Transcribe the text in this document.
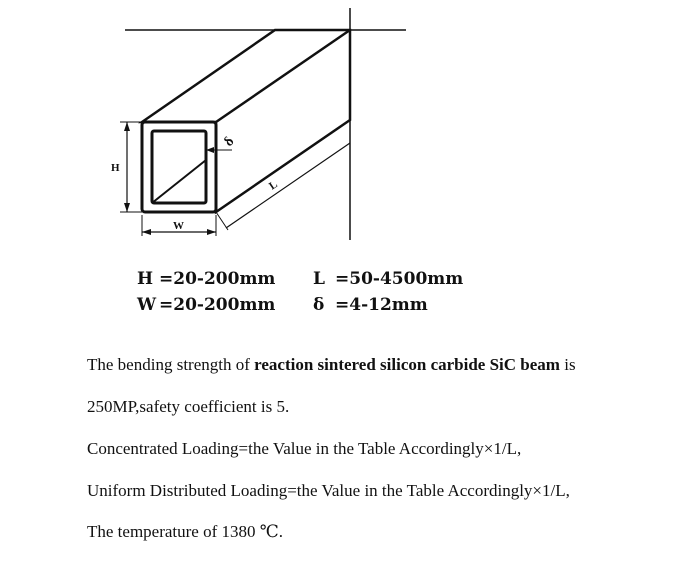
H
W
L
δ
H =20-200mm	L =50-4500mm
W =20-200mm	δ =4-12mm
The bending strength of reaction sintered silicon carbide SiC beam is
250MP,safety coefficient is 5.
Concentrated Loading=the Value in the Table Accordingly×1/L,
Uniform Distributed Loading=the Value in the Table Accordingly×1/L,
The temperature of 1380 ℃.
